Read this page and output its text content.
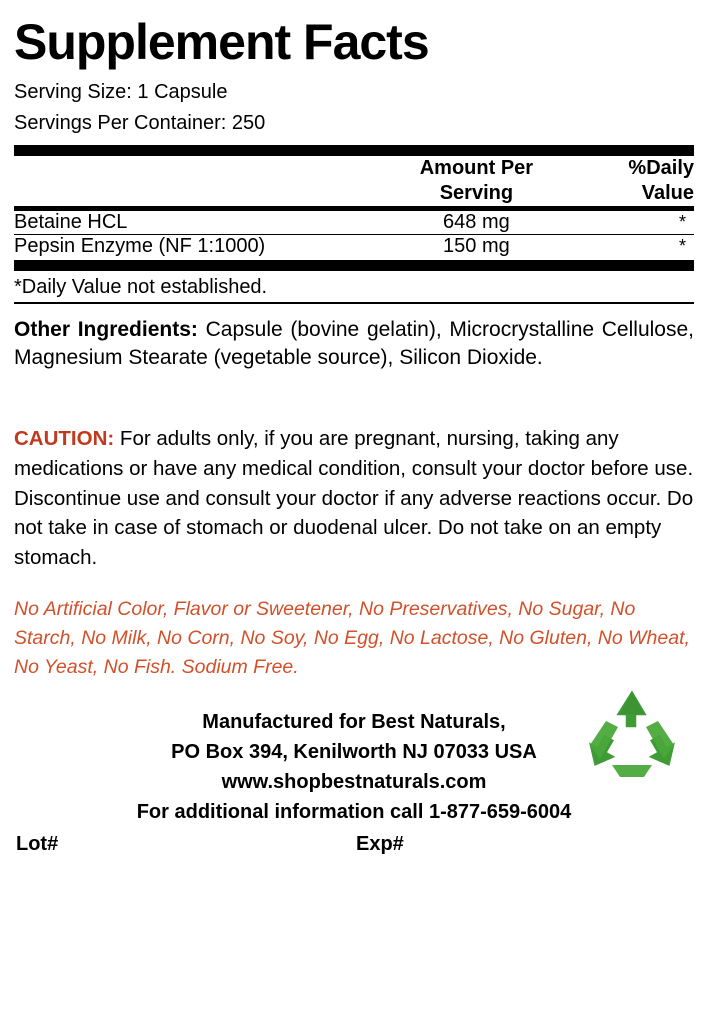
Supplement Facts
Serving Size: 1 Capsule
Servings Per Container: 250

Amount Per
Serving

%Daily
Value
Betaine HCL	648 mg	*

Pepsin Enzyme (NF 1:1000)	150 mg	*
*Daily Value not established.
Other Ingredients: Capsule (bovine gelatin), Microcrystalline Cellulose, Magnesium Stearate (vegetable source), Silicon Dioxide.
CAUTION: For adults only, if you are pregnant, nursing, taking any medications or have any medical condition, consult your doctor before use. Discontinue use and consult your doctor if any adverse reactions occur. Do not take in case of stomach or duodenal ulcer. Do not take on an empty stomach.
No Artificial Color, Flavor or Sweetener, No Preservatives, No Sugar, No Starch, No Milk, No Corn, No Soy, No Egg, No Lactose, No Gluten, No Wheat, No Yeast, No Fish. Sodium Free.
Manufactured for Best Naturals,
PO Box 394, Kenilworth NJ 07033 USA
www.shopbestnaturals.com
For additional information call 1-877-659-6004
Lot#	Exp#
